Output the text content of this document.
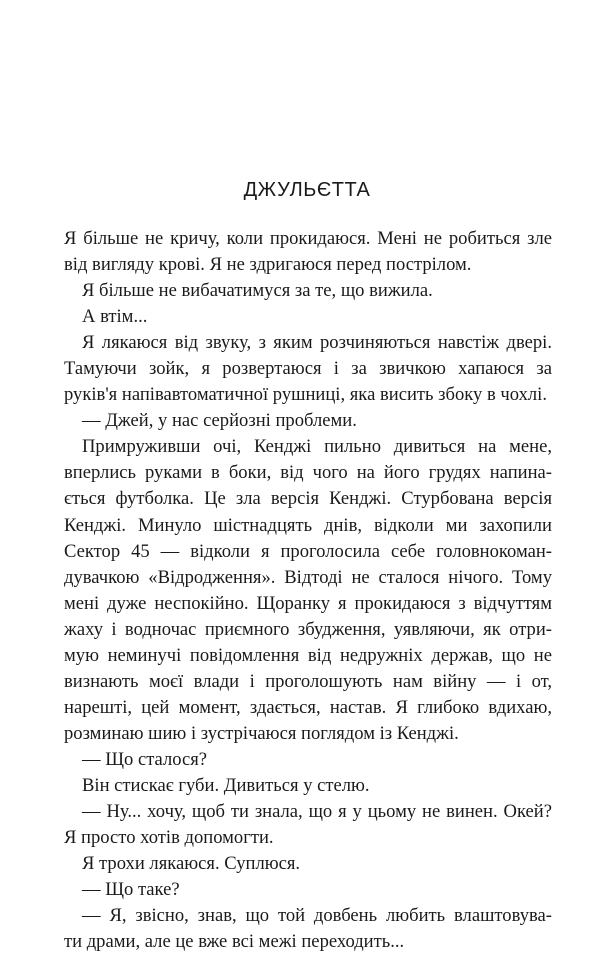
ДЖУЛЬЄТТА
Я більше не кричу, коли прокидаюся. Мені не робиться зле
від вигляду крові. Я не здригаюся перед пострілом.
Я більше не вибачатимуся за те, що вижила.
А втім...
Я лякаюся від звуку, з яким розчиняються навстіж двері.
Тамуючи зойк, я розвертаюся і за звичкою хапаюся за
руків'я напівавтоматичної рушниці, яка висить збоку в чохлі.
— Джей, у нас серйозні проблеми.
Примруживши очі, Кенджі пильно дивиться на мене,
вперлись руками в боки, від чого на його грудях напина-
ється футболка. Це зла версія Кенджі. Стурбована версія
Кенджі. Минуло шістнадцять днів, відколи ми захопили
Сектор 45 — відколи я проголосила себе головнокоман-
дувачкою «Відродження». Відтоді не сталося нічого. Тому
мені дуже неспокійно. Щоранку я прокидаюся з відчуттям
жаху і водночас приємного збудження, уявляючи, як отри-
мую неминучі повідомлення від недружніх держав, що не
визнають моєї влади і проголошують нам війну — і от,
нарешті, цей момент, здається, настав. Я глибоко вдихаю,
розминаю шию і зустрічаюся поглядом із Кенджі.
— Що сталося?
Він стискає губи. Дивиться у стелю.
— Ну... хочу, щоб ти знала, що я у цьому не винен. Окей?
Я просто хотів допомогти.
Я трохи лякаюся. Суплюся.
— Що таке?
— Я, звісно, знав, що той довбень любить влаштовува-
ти драми, але це вже всі межі переходить...
